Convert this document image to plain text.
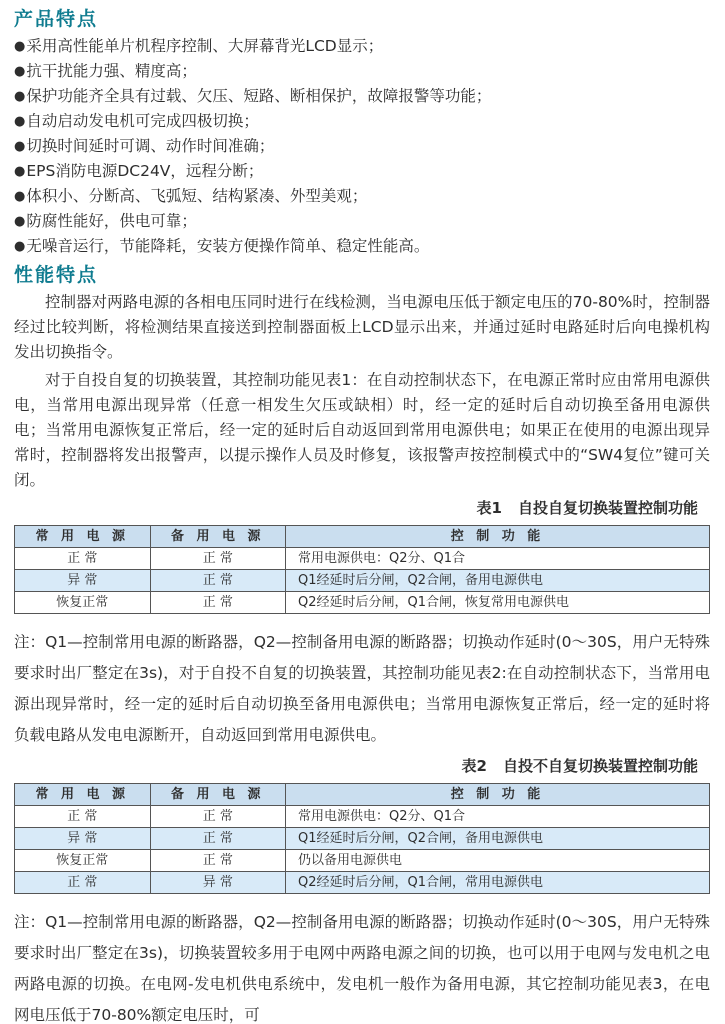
产品特点
●采用高性能单片机程序控制、大屏幕背光LCD显示；
●抗干扰能力强、精度高；
●保护功能齐全具有过载、欠压、短路、断相保护，故障报警等功能；
●自动启动发电机可完成四极切换；
●切换时间延时可调、动作时间准确；
●EPS消防电源DC24V，远程分断；
●体积小、分断高、飞弧短、结构紧凑、外型美观；
●防腐性能好，供电可靠；
●无噪音运行，节能降耗，安装方便操作简单、稳定性能高。
性能特点

控制器对两路电源的各相电压同时进行在线检测，当电源电压低于额定电压的70-80%时，控制器经过比较判断，将检测结果直接送到控制器面板上LCD显示出来，并通过延时电路延时后向电操机构发出切换指令。

对于自投自复的切换装置，其控制功能见表1：在自动控制状态下，在电源正常时应由常用电源供电，当常用电源出现异常（任意一相发生欠压或缺相）时，经一定的延时后自动切换至备用电源供电；当常用电源恢复正常后，经一定的延时后自动返回到常用电源供电；如果正在使用的电源出现异常时，控制器将发出报警声，以提示操作人员及时修复，该报警声按控制模式中的“SW4复位”键可关闭。

表1 自投自复切换装置控制功能
常 用 电 源	备 用 电 源	控 制 功 能
正 常	正 常	常用电源供电：Q2分、Q1合
异 常	正 常	Q1经延时后分闸，Q2合闸，备用电源供电
恢复正常	正 常	Q2经延时后分闸，Q1合闸，恢复常用电源供电

注：Q1—控制常用电源的断路器，Q2—控制备用电源的断路器；切换动作延时(0～30S，用户无特殊要求时出厂整定在3s)，对于自投不自复的切换装置，其控制功能见表2:在自动控制状态下，当常用电源出现异常时，经一定的延时后自动切换至备用电源供电；当常用电源恢复正常后，经一定的延时将负载电路从发电电源断开，自动返回到常用电源供电。

表2 自投不自复切换装置控制功能
常 用 电 源	备 用 电 源	控 制 功 能
正 常	正 常	常用电源供电：Q2分、Q1合
异 常	正 常	Q1经延时后分闸，Q2合闸，备用电源供电
恢复正常	正 常	仍以备用电源供电
正 常	异 常	Q2经延时后分闸，Q1合闸，常用电源供电

注：Q1—控制常用电源的断路器，Q2—控制备用电源的断路器；切换动作延时(0～30S，用户无特殊要求时出厂整定在3s)，切换装置较多用于电网中两路电源之间的切换，也可以用于电网与发电机之电两路电源的切换。在电网-发电机供电系统中，发电机一般作为备用电源，其它控制功能见表3，在电网电压低于70-80%额定电压时，可
